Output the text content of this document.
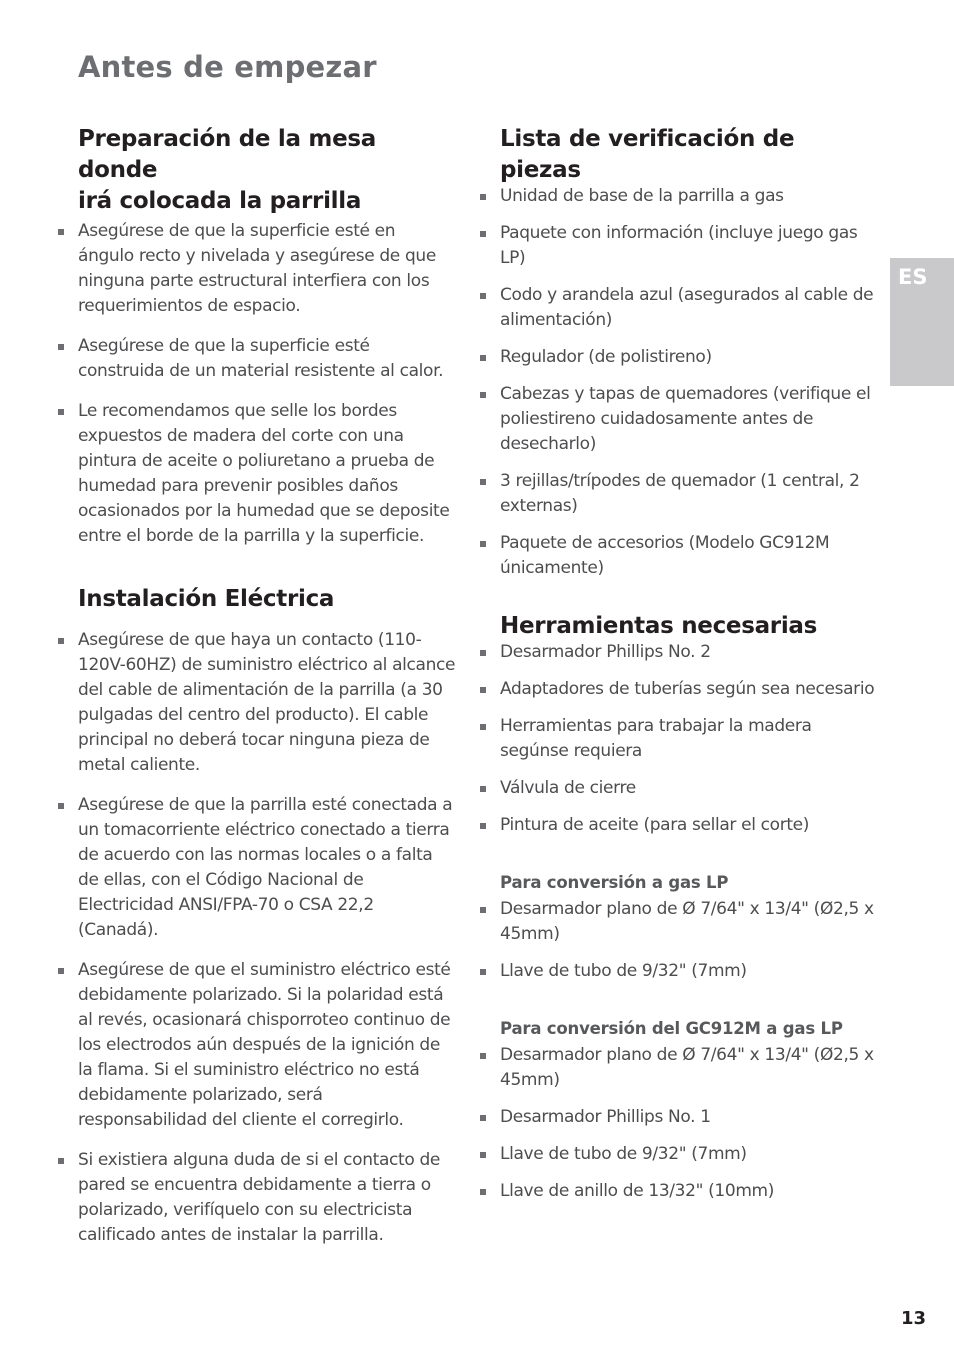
Antes de empezar
ES
Preparación de la mesa donde
irá colocada la parrilla
Asegúrese de que la superficie esté en ángulo recto y nivelada y asegúrese de que ninguna parte estructural interfiera con los requerimientos de espacio.
Asegúrese de que la superficie esté construida de un material resistente al calor.
Le recomendamos que selle los bordes expuestos de madera del corte con una pintura de aceite o poliuretano a prueba de humedad para prevenir posibles daños ocasionados por la humedad que se deposite entre el borde de la parrilla y la superficie.
Instalación Eléctrica
Asegúrese de que haya un contacto (110-120V-60HZ) de suministro eléctrico al alcance del cable de alimentación de la parrilla (a 30 pulgadas del centro del producto). El cable principal no deberá tocar ninguna pieza de metal caliente.
Asegúrese de que la parrilla esté conectada a un tomacorriente eléctrico conectado a tierra de acuerdo con las normas locales o a falta de ellas, con el Código Nacional de Electricidad ANSI/FPA-70 o CSA 22,2 (Canadá).
Asegúrese de que el suministro eléctrico esté debidamente polarizado. Si la polaridad está al revés, ocasionará chisporroteo continuo de los electrodos aún después de la ignición de la flama. Si el suministro eléctrico no está debidamente polarizado, será responsabilidad del cliente el corregirlo.
Si existiera alguna duda de si el contacto de pared se encuentra debidamente a tierra o polarizado, verifíquelo con su electricista calificado antes de instalar la parrilla.
Lista de verificación de piezas
Unidad de base de la parrilla a gas
Paquete con información (incluye juego gas LP)
Codo y arandela azul (asegurados al cable de alimentación)
Regulador (de polistireno)
Cabezas y tapas de quemadores (verifique el poliestireno cuidadosamente antes de desecharlo)
3 rejillas/trípodes de quemador (1 central, 2 externas)
Paquete de accesorios (Modelo GC912M únicamente)
Herramientas necesarias
Desarmador Phillips No. 2
Adaptadores de tuberías según sea necesario
Herramientas para trabajar la madera segúnse requiera
Válvula de cierre
Pintura de aceite (para sellar el corte)
Para conversión a gas LP
Desarmador plano de Ø 7/64" x 13/4" (Ø2,5 x 45mm)
Llave de tubo de 9/32" (7mm)
Para conversión del GC912M a gas LP
Desarmador plano de Ø 7/64" x 13/4" (Ø2,5 x 45mm)
Desarmador Phillips No. 1
Llave de tubo de 9/32" (7mm)
Llave de anillo de 13/32" (10mm)
13
